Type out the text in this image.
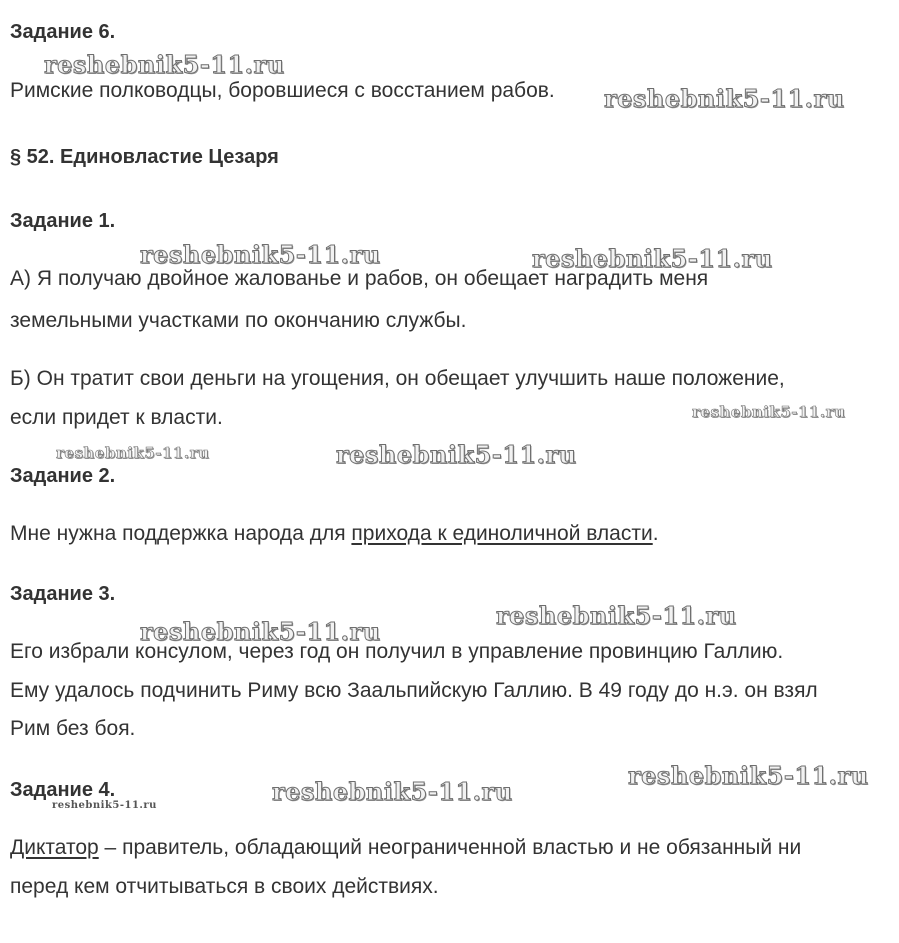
Задание 6.
Римские полководцы, боровшиеся с восстанием рабов.
§ 52. Единовластие Цезаря
Задание 1.
А) Я получаю двойное жалованье и рабов, он обещает наградить меня
земельными участками по окончанию службы.
Б) Он тратит свои деньги на угощения, он обещает улучшить наше положение,
если придет к власти.
Задание 2.
Мне нужна поддержка народа для прихода к единоличной власти.
Задание 3.
Его избрали консулом, через год он получил в управление провинцию Галлию.
Ему удалось подчинить Риму всю Заальпийскую Галлию. В 49 году до н.э. он взял
Рим без боя.
Задание 4.
Диктатор – правитель, обладающий неограниченной властью и не обязанный ни
перед кем отчитываться в своих действиях.
reshebnik5-11.ru
reshebnik5-11.ru
reshebnik5-11.ru	reshebnik5-11.ru
reshebnik5-11.ru
reshebnik5-11.ru	reshebnik5-11.ru
reshebnik5-11.ru
reshebnik5-11.ru
reshebnik5-11.ru
reshebnik5-11.ru
reshebnik5-11.ru
